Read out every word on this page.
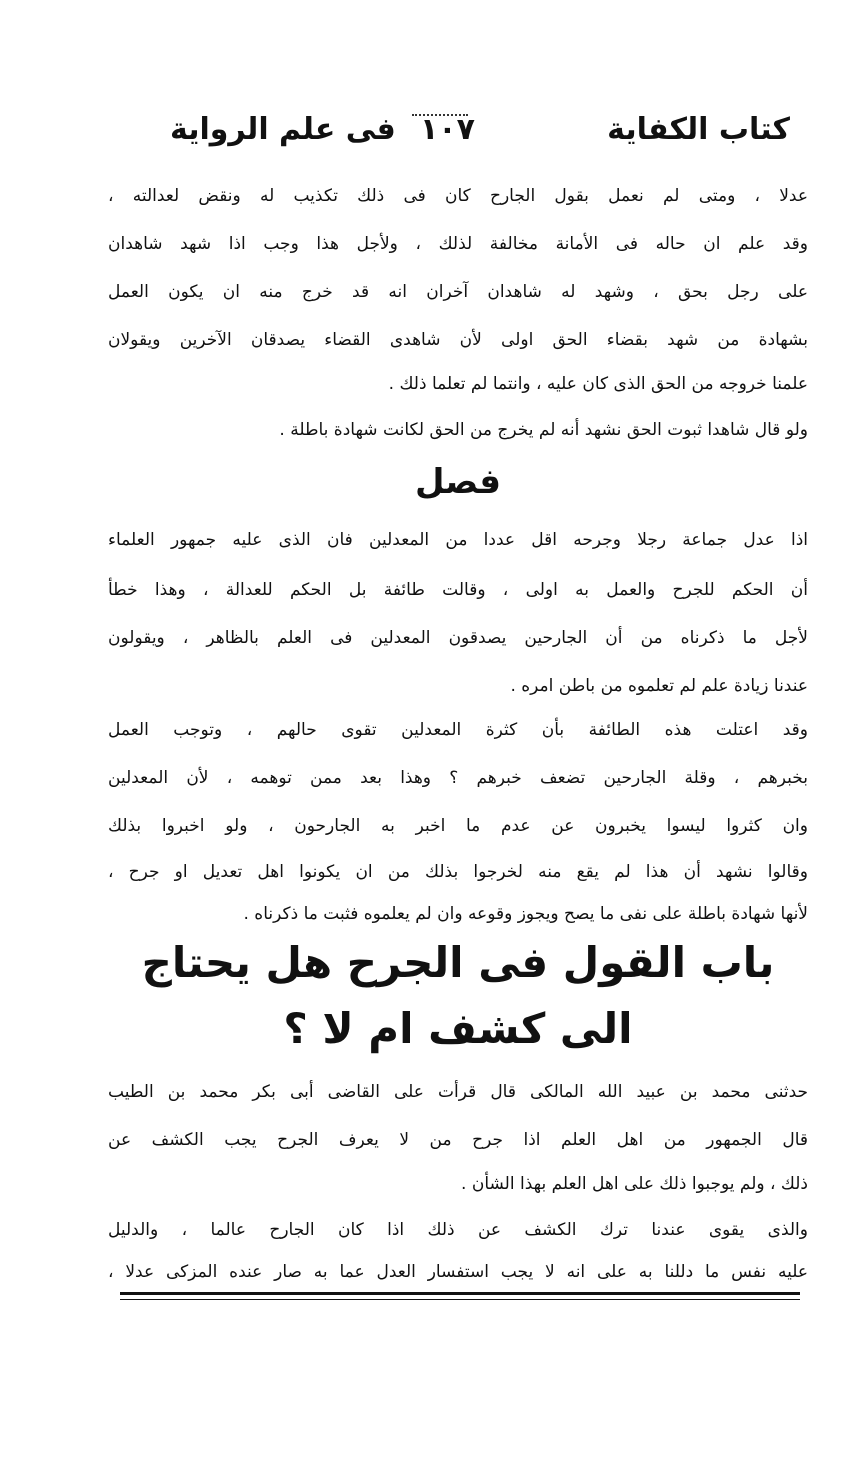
كتاب الكفاية
١٠٧
فى علم الرواية
عدلا ، ومتى لم نعمل بقول الجارح كان فى ذلك تكذيب له ونقض لعدالته ،
وقد علم ان حاله فى الأمانة مخالفة لذلك ، ولأجل هذا وجب اذا شهد شاهدان
على رجل بحق ، وشهد له شاهدان آخران انه قد خرج منه ان يكون العمل
بشهادة من شهد بقضاء الحق اولى لأن شاهدى القضاء يصدقان الآخرين ويقولان
علمنا خروجه من الحق الذى كان عليه ، وانتما لم تعلما ذلك .
ولو قال شاهدا ثبوت الحق نشهد أنه لم يخرج من الحق لكانت شهادة باطلة .
فصل
اذا عدل جماعة رجلا وجرحه اقل عددا من المعدلين فان الذى عليه جمهور العلماء
أن الحكم للجرح والعمل به اولى ، وقالت طائفة بل الحكم للعدالة ، وهذا خطأ
لأجل ما ذكرناه من أن الجارحين يصدقون المعدلين فى العلم بالظاهر ، ويقولون
عندنا زيادة علم لم تعلموه من باطن امره .
وقد اعتلت هذه الطائفة بأن كثرة المعدلين تقوى حالهم ، وتوجب العمل
بخبرهم ، وقلة الجارحين تضعف خبرهم ؟ وهذا بعد ممن توهمه ، لأن المعدلين
وان كثروا ليسوا يخبرون عن عدم ما اخبر به الجارحون ، ولو اخبروا بذلك
وقالوا نشهد أن هذا لم يقع منه لخرجوا بذلك من ان يكونوا اهل تعديل او جرح ،
لأنها شهادة باطلة على نفى ما يصح ويجوز وقوعه وان لم يعلموه فثبت ما ذكرناه .
باب القول فى الجرح هل يحتاج
الى كشف ام لا ؟
حدثنى محمد بن عبيد الله المالكى قال قرأت على القاضى أبى بكر محمد بن الطيب
قال الجمهور من اهل العلم اذا جرح من لا يعرف الجرح يجب الكشف عن
ذلك ، ولم يوجبوا ذلك على اهل العلم بهذا الشأن .
والذى يقوى عندنا ترك الكشف عن ذلك اذا كان الجارح عالما ، والدليل
عليه نفس ما دللنا به على انه لا يجب استفسار العدل عما به صار عنده المزكى عدلا ،
